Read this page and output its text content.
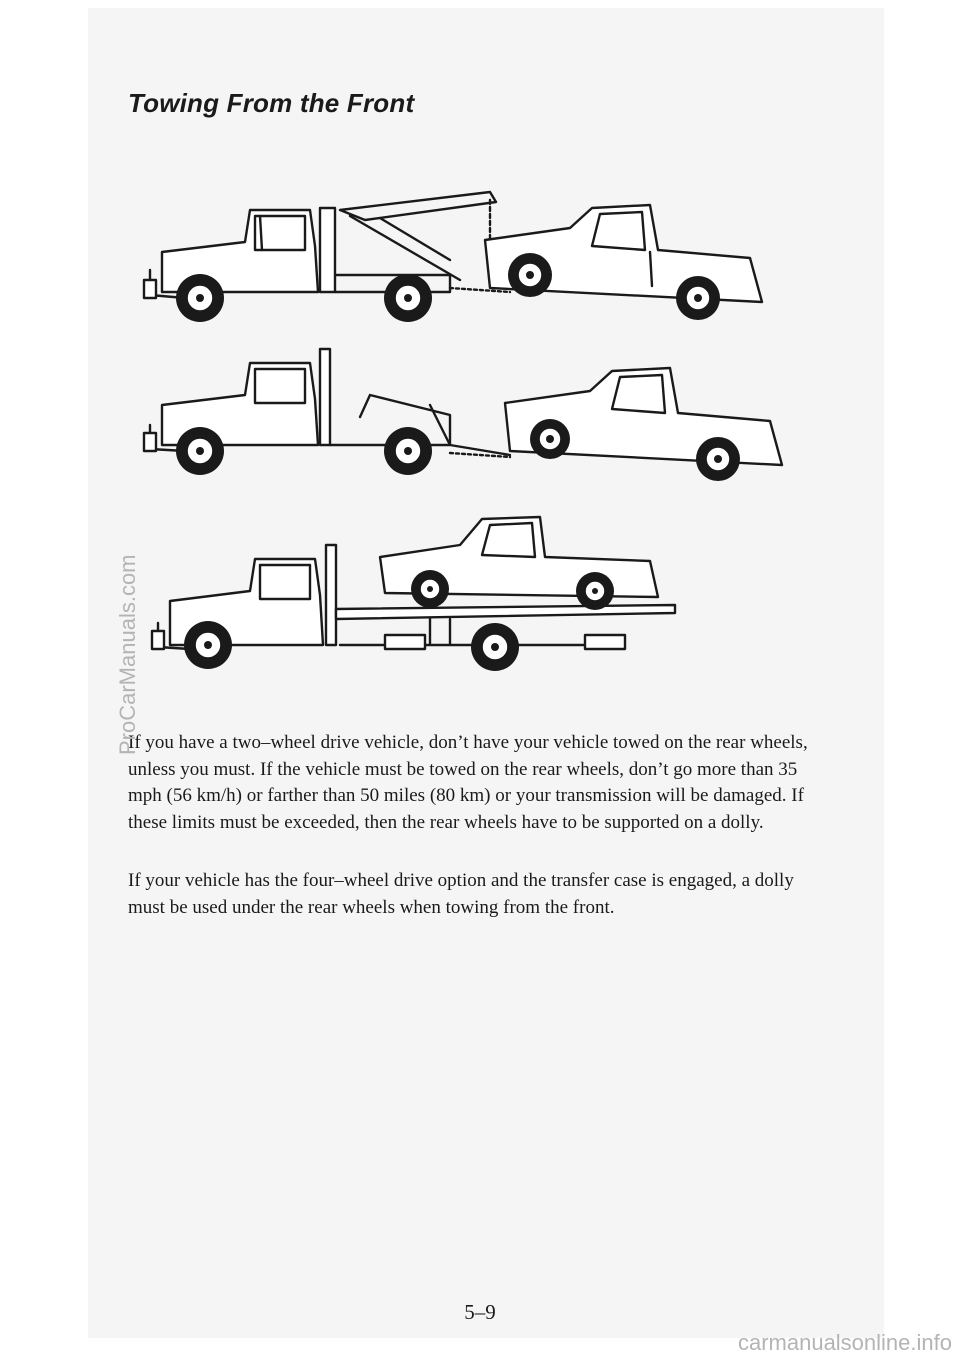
Towing From the Front

If you have a two–wheel drive vehicle, don’t have your vehicle towed on the rear wheels, unless you must. If the vehicle must be towed on the rear wheels, don’t go more than 35 mph (56 km/h) or farther than 50 miles (80 km) or your transmission will be damaged. If these limits must be exceeded, then the rear wheels have to be supported on a dolly.

If your vehicle has the four–wheel drive option and the transfer case is engaged, a dolly must be used under the rear wheels when towing from the front.

5–9
ProCarManuals.com
carmanualsonline.info
